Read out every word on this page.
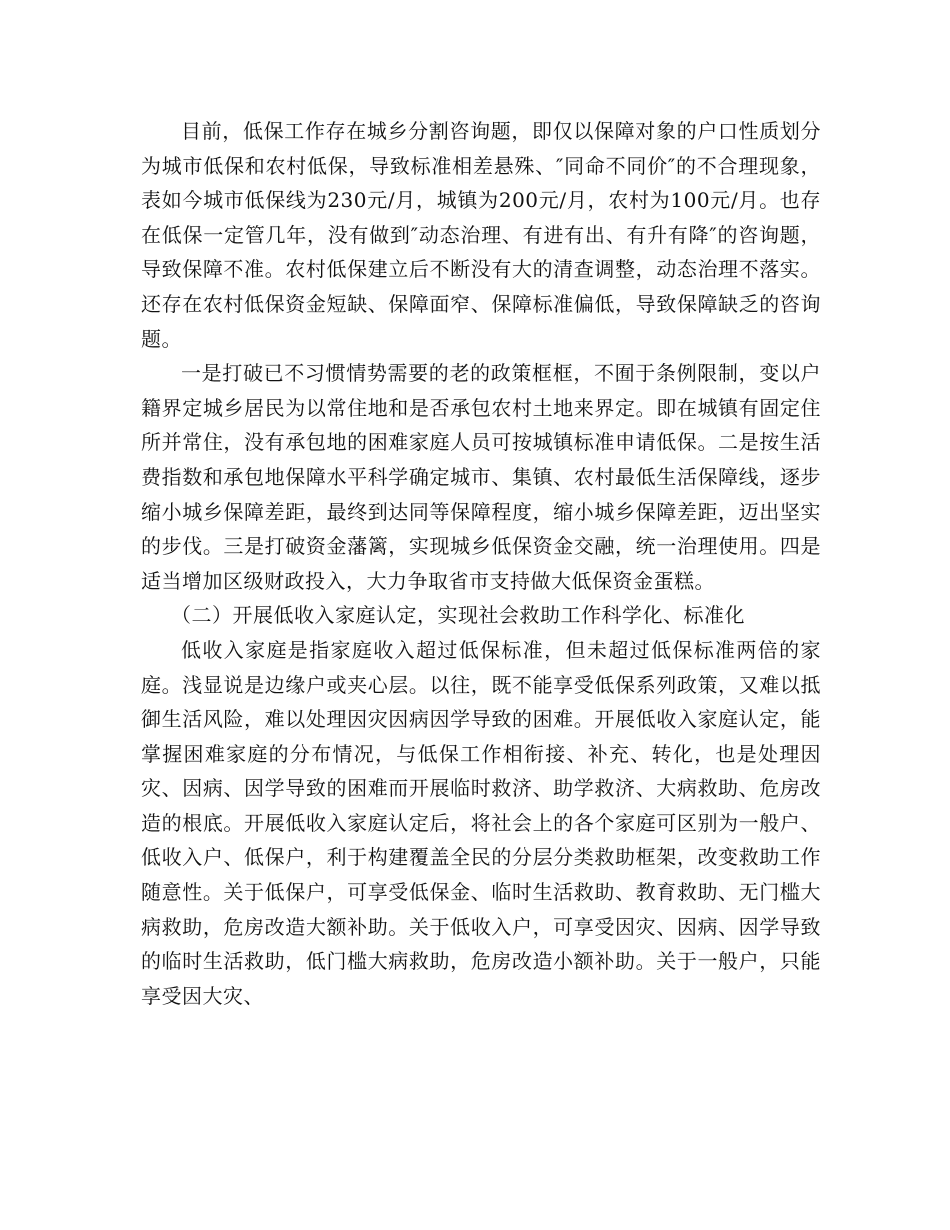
目前，低保工作存在城乡分割咨询题，即仅以保障对象的户口性质划分为城市低保和农村低保，导致标准相差悬殊、″同命不同价″的不合理现象，表如今城市低保线为230元/月，城镇为200元/月，农村为100元/月。也存在低保一定管几年，没有做到″动态治理、有进有出、有升有降″的咨询题，导致保障不准。农村低保建立后不断没有大的清查调整，动态治理不落实。还存在农村低保资金短缺、保障面窄、保障标准偏低，导致保障缺乏的咨询题。

一是打破已不习惯情势需要的老的政策框框，不囿于条例限制，变以户籍界定城乡居民为以常住地和是否承包农村土地来界定。即在城镇有固定住所并常住，没有承包地的困难家庭人员可按城镇标准申请低保。二是按生活费指数和承包地保障水平科学确定城市、集镇、农村最低生活保障线，逐步缩小城乡保障差距，最终到达同等保障程度，缩小城乡保障差距，迈出坚实的步伐。三是打破资金藩篱，实现城乡低保资金交融，统一治理使用。四是适当增加区级财政投入，大力争取省市支持做大低保资金蛋糕。

（二）开展低收入家庭认定，实现社会救助工作科学化、标准化

低收入家庭是指家庭收入超过低保标准，但未超过低保标准两倍的家庭。浅显说是边缘户或夹心层。以往，既不能享受低保系列政策，又难以抵御生活风险，难以处理因灾因病因学导致的困难。开展低收入家庭认定，能掌握困难家庭的分布情况，与低保工作相衔接、补充、转化，也是处理因灾、因病、因学导致的困难而开展临时救济、助学救济、大病救助、危房改造的根底。开展低收入家庭认定后，将社会上的各个家庭可区别为一般户、低收入户、低保户，利于构建覆盖全民的分层分类救助框架，改变救助工作随意性。关于低保户，可享受低保金、临时生活救助、教育救助、无门槛大病救助，危房改造大额补助。关于低收入户，可享受因灾、因病、因学导致的临时生活救助，低门槛大病救助，危房改造小额补助。关于一般户，只能享受因大灾、
